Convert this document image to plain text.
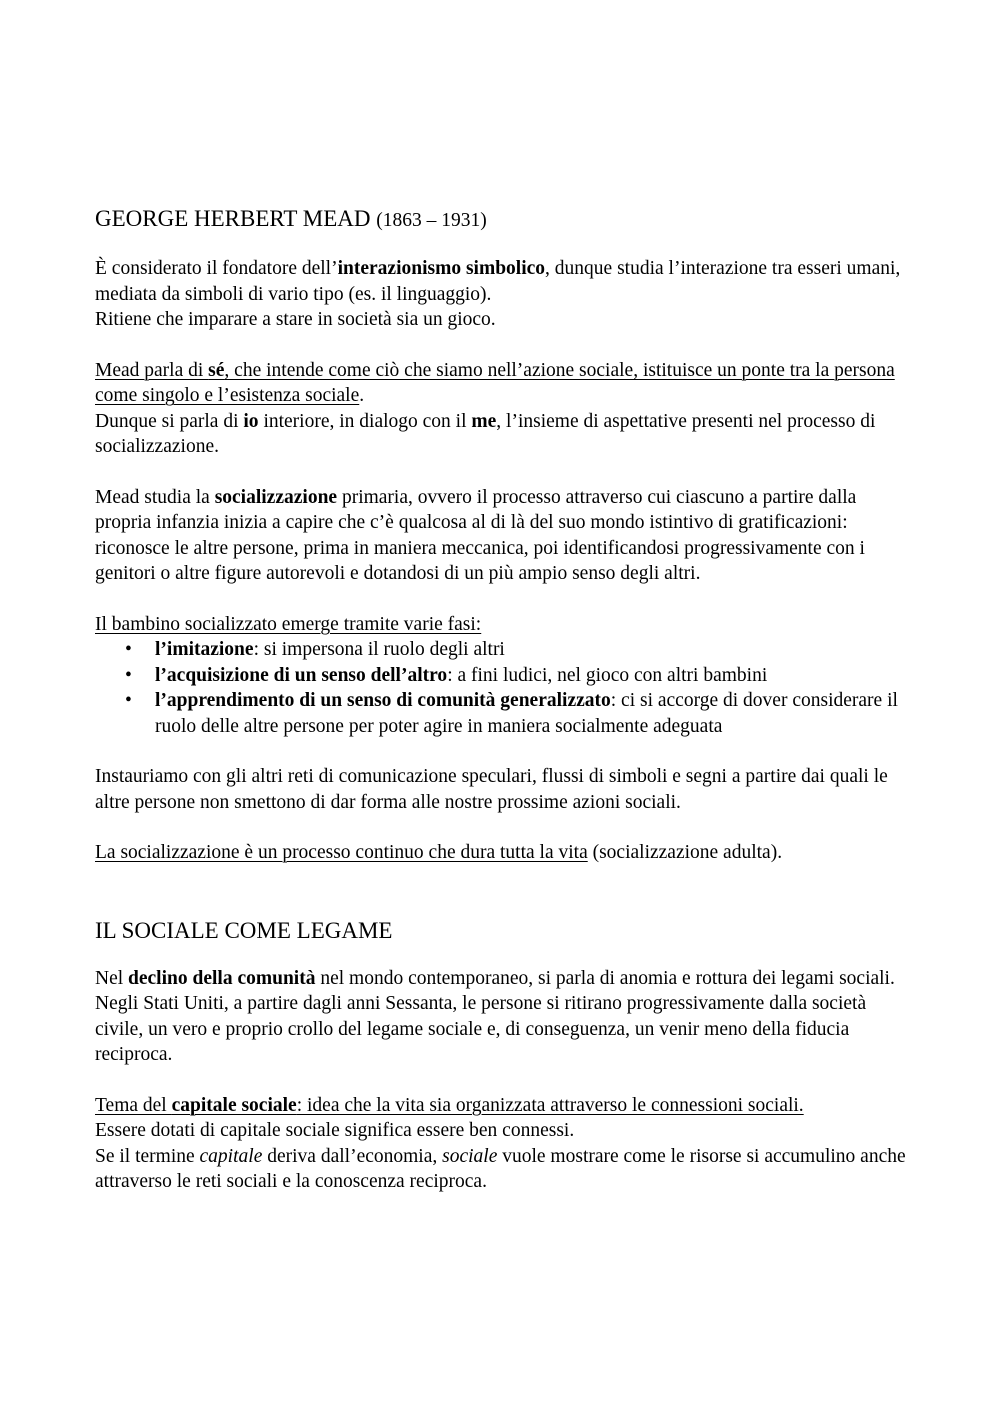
GEORGE HERBERT MEAD (1863 – 1931)

È considerato il fondatore dell’interazionismo simbolico, dunque studia l’interazione tra esseri umani, mediata da simboli di vario tipo (es. il linguaggio).
Ritiene che imparare a stare in società sia un gioco.

Mead parla di sé, che intende come ciò che siamo nell’azione sociale, istituisce un ponte tra la persona come singolo e l’esistenza sociale.
Dunque si parla di io interiore, in dialogo con il me, l’insieme di aspettative presenti nel processo di socializzazione.

Mead studia la socializzazione primaria, ovvero il processo attraverso cui ciascuno a partire dalla propria infanzia inizia a capire che c’è qualcosa al di là del suo mondo istintivo di gratificazioni: riconosce le altre persone, prima in maniera meccanica, poi identificandosi progressivamente con i genitori o altre figure autorevoli e dotandosi di un più ampio senso degli altri.

Il bambino socializzato emerge tramite varie fasi:

• l’imitazione: si impersona il ruolo degli altri
• l’acquisizione di un senso dell’altro: a fini ludici, nel gioco con altri bambini
• l’apprendimento di un senso di comunità generalizzato: ci si accorge di dover considerare il ruolo delle altre persone per poter agire in maniera socialmente adeguata

Instauriamo con gli altri reti di comunicazione speculari, flussi di simboli e segni a partire dai quali le altre persone non smettono di dar forma alle nostre prossime azioni sociali.

La socializzazione è un processo continuo che dura tutta la vita (socializzazione adulta).

IL SOCIALE COME LEGAME

Nel declino della comunità nel mondo contemporaneo, si parla di anomia e rottura dei legami sociali.
Negli Stati Uniti, a partire dagli anni Sessanta, le persone si ritirano progressivamente dalla società civile, un vero e proprio crollo del legame sociale e, di conseguenza, un venir meno della fiducia reciproca.

Tema del capitale sociale: idea che la vita sia organizzata attraverso le connessioni sociali.
Essere dotati di capitale sociale significa essere ben connessi.
Se il termine capitale deriva dall’economia, sociale vuole mostrare come le risorse si accumulino anche attraverso le reti sociali e la conoscenza reciproca.
